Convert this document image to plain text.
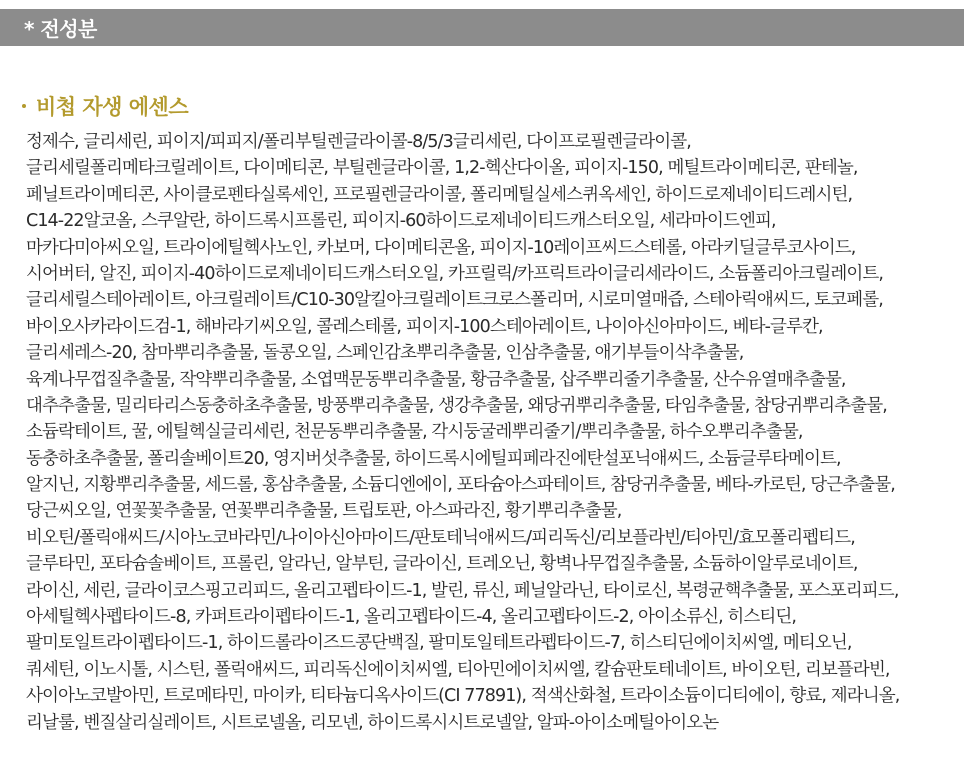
* 전성분
비첩 자생 에센스
정제수, 글리세린, 피이지/피피지/폴리부틸렌글라이콜-8/5/3글리세린, 다이프로필렌글라이콜,
글리세릴폴리메타크릴레이트, 다이메티콘, 부틸렌글라이콜, 1,2-헥산다이올, 피이지-150, 메틸트라이메티콘, 판테놀,
페닐트라이메티콘, 사이클로펜타실록세인, 프로필렌글라이콜, 폴리메틸실세스퀴옥세인, 하이드로제네이티드레시틴,
C14-22알코올, 스쿠알란, 하이드록시프롤린, 피이지-60하이드로제네이티드캐스터오일, 세라마이드엔피,
마카다미아씨오일, 트라이에틸헥사노인, 카보머, 다이메티콘올, 피이지-10레이프씨드스테롤, 아라키딜글루코사이드,
시어버터, 알진, 피이지-40하이드로제네이티드캐스터오일, 카프릴릭/카프릭트라이글리세라이드, 소듐폴리아크릴레이트,
글리세릴스테아레이트, 아크릴레이트/C10-30알킬아크릴레이트크로스폴리머, 시로미열매즙, 스테아릭애씨드, 토코페롤,
바이오사카라이드검-1, 해바라기씨오일, 콜레스테롤, 피이지-100스테아레이트, 나이아신아마이드, 베타-글루칸,
글리세레스-20, 참마뿌리추출물, 돌콩오일, 스페인감초뿌리추출물, 인삼추출물, 애기부들이삭추출물,
육계나무껍질추출물, 작약뿌리추출물, 소엽맥문동뿌리추출물, 황금추출물, 삽주뿌리줄기추출물, 산수유열매추출물,
대추추출물, 밀리타리스동충하초추출물, 방풍뿌리추출물, 생강추출물, 왜당귀뿌리추출물, 타임추출물, 참당귀뿌리추출물,
소듐락테이트, 꿀, 에틸헥실글리세린, 천문동뿌리추출물, 각시둥굴레뿌리줄기/뿌리추출물, 하수오뿌리추출물,
동충하초추출물, 폴리솔베이트20, 영지버섯추출물, 하이드록시에틸피페라진에탄설포닉애씨드, 소듐글루타메이트,
알지닌, 지황뿌리추출물, 세드롤, 홍삼추출물, 소듐디엔에이, 포타슘아스파테이트, 참당귀추출물, 베타-카로틴, 당근추출물,
당근씨오일, 연꽃꽃추출물, 연꽃뿌리추출물, 트립토판, 아스파라진, 황기뿌리추출물,
비오틴/폴릭애씨드/시아노코바라민/나이아신아마이드/판토테닉애씨드/피리독신/리보플라빈/티아민/효모폴리펩티드,
글루타민, 포타슘솔베이트, 프롤린, 알라닌, 알부틴, 글라이신, 트레오닌, 황벽나무껍질추출물, 소듐하이알루로네이트,
라이신, 세린, 글라이코스핑고리피드, 올리고펩타이드-1, 발린, 류신, 페닐알라닌, 타이로신, 복령균핵추출물, 포스포리피드,
아세틸헥사펩타이드-8, 카퍼트라이펩타이드-1, 올리고펩타이드-4, 올리고펩타이드-2, 아이소류신, 히스티딘,
팔미토일트라이펩타이드-1, 하이드롤라이즈드콩단백질, 팔미토일테트라펩타이드-7, 히스티딘에이치씨엘, 메티오닌,
쿼세틴, 이노시톨, 시스틴, 폴릭애씨드, 피리독신에이치씨엘, 티아민에이치씨엘, 칼슘판토테네이트, 바이오틴, 리보플라빈,
사이아노코발아민, 트로메타민, 마이카, 티타늄디옥사이드(CI 77891), 적색산화철, 트라이소듐이디티에이, 향료, 제라니올,
리날룰, 벤질살리실레이트, 시트로넬올, 리모넨, 하이드록시시트로넬알, 알파-아이소메틸아이오논
